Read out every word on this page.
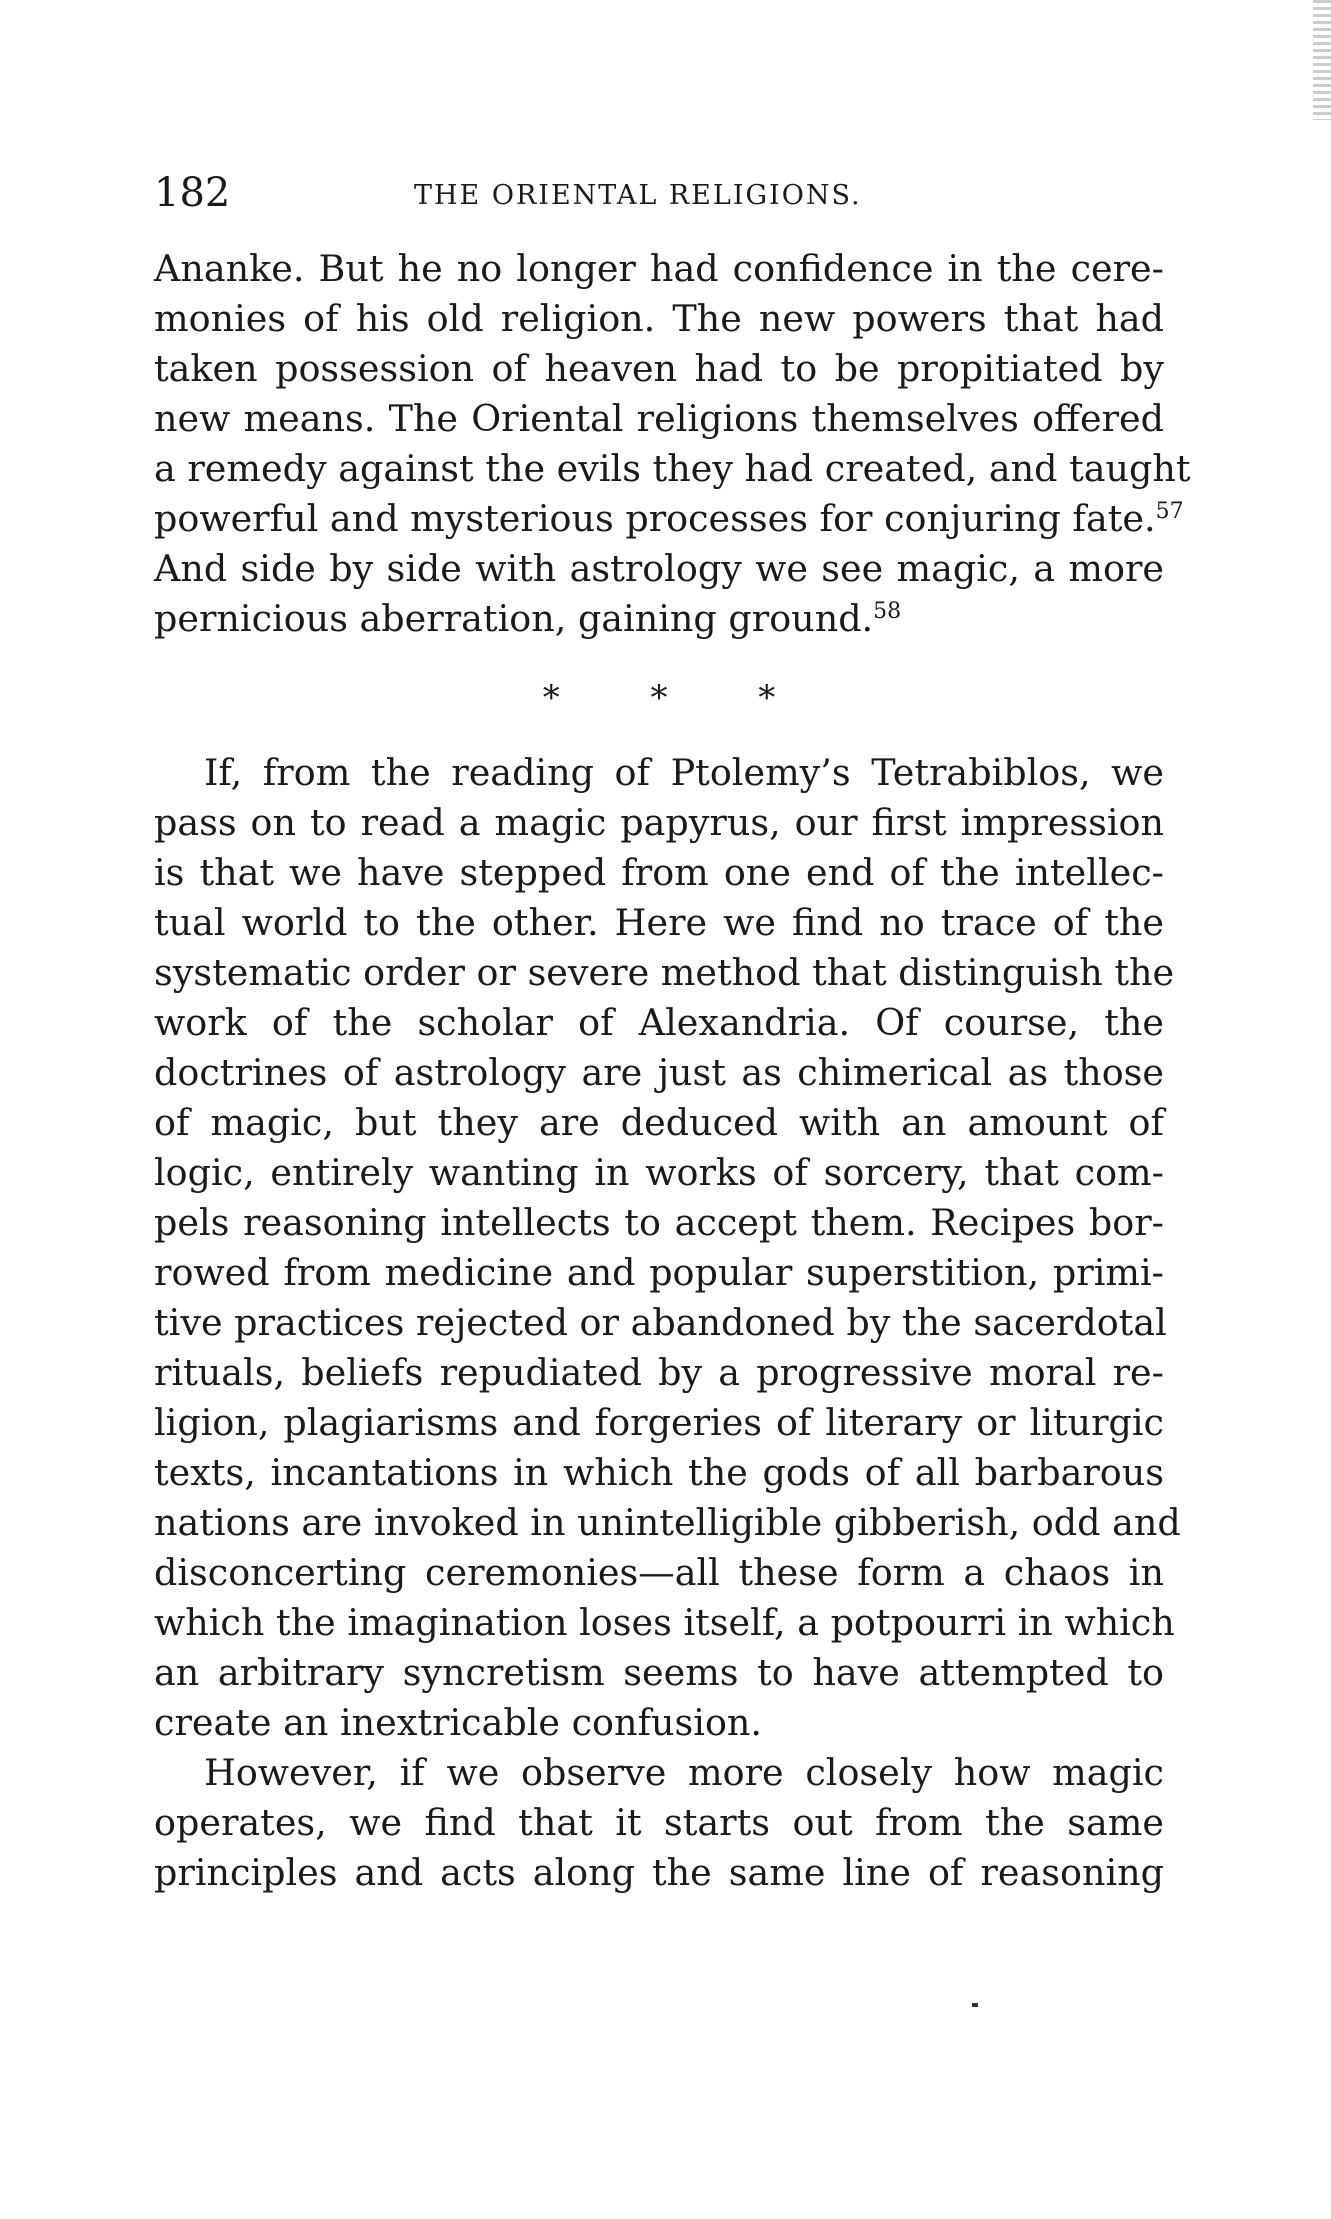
182	THE ORIENTAL RELIGIONS.

Ananke. But he no longer had confidence in the cere-
monies of his old religion. The new powers that had
taken possession of heaven had to be propitiated by
new means. The Oriental religions themselves offered
a remedy against the evils they had created, and taught
powerful and mysterious processes for conjuring fate.$^{57}$
And side by side with astrology we see magic, a more
pernicious aberration, gaining ground.$^{58}$

* * *

If, from the reading of Ptolemy’s Tetrabiblos, we
pass on to read a magic papyrus, our first impression
is that we have stepped from one end of the intellec-
tual world to the other. Here we find no trace of the
systematic order or severe method that distinguish the
work of the scholar of Alexandria. Of course, the
doctrines of astrology are just as chimerical as those
of magic, but they are deduced with an amount of
logic, entirely wanting in works of sorcery, that com-
pels reasoning intellects to accept them. Recipes bor-
rowed from medicine and popular superstition, primi-
tive practices rejected or abandoned by the sacerdotal
rituals, beliefs repudiated by a progressive moral re-
ligion, plagiarisms and forgeries of literary or liturgic
texts, incantations in which the gods of all barbarous
nations are invoked in unintelligible gibberish, odd and
disconcerting ceremonies—all these form a chaos in
which the imagination loses itself, a potpourri in which
an arbitrary syncretism seems to have attempted to
create an inextricable confusion.

However, if we observe more closely how magic
operates, we find that it starts out from the same
principles and acts along the same line of reasoning
